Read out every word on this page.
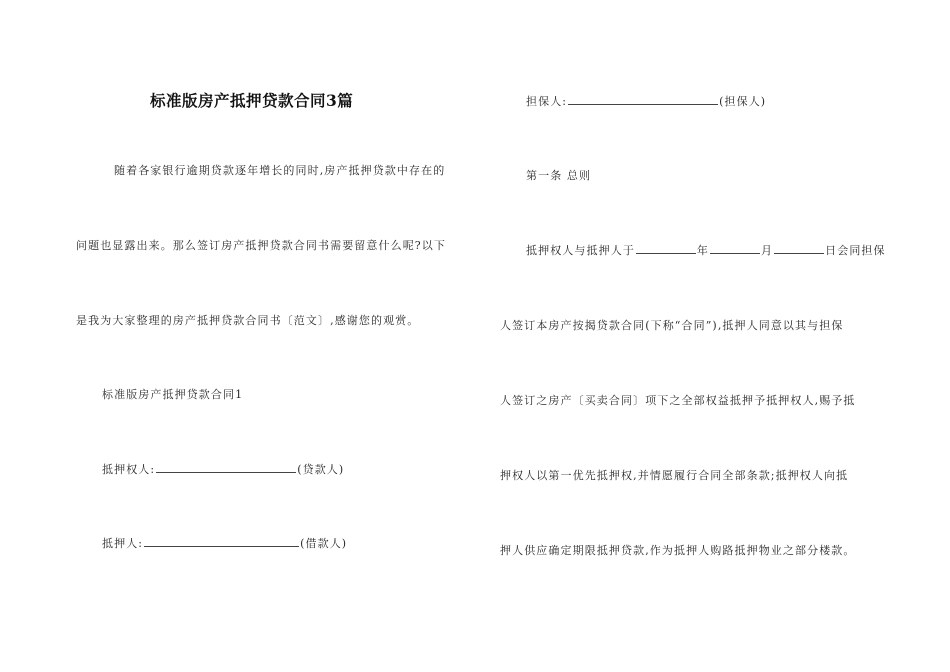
标准版房产抵押贷款合同3篇
随着各家银行逾期贷款逐年增长的同时,房产抵押贷款中存在的
问题也显露出来。那么签订房产抵押贷款合同书需要留意什么呢?以下
是我为大家整理的房产抵押贷款合同书〔范文〕,感谢您的观赏。
标准版房产抵押贷款合同1
抵押权人:	(贷款人)
抵押人:	(借款人)
担保人:	(担保人)
第一条 总则
抵押权人与抵押人于	年	月	日会同担保
人签订本房产按揭贷款合同(下称“合同”),抵押人同意以其与担保
人签订之房产〔买卖合同〕项下之全部权益抵押予抵押权人,赐予抵
押权人以第一优先抵押权,并情愿履行合同全部条款;抵押权人向抵
押人供应确定期限抵押贷款,作为抵押人购路抵押物业之部分楼款。
